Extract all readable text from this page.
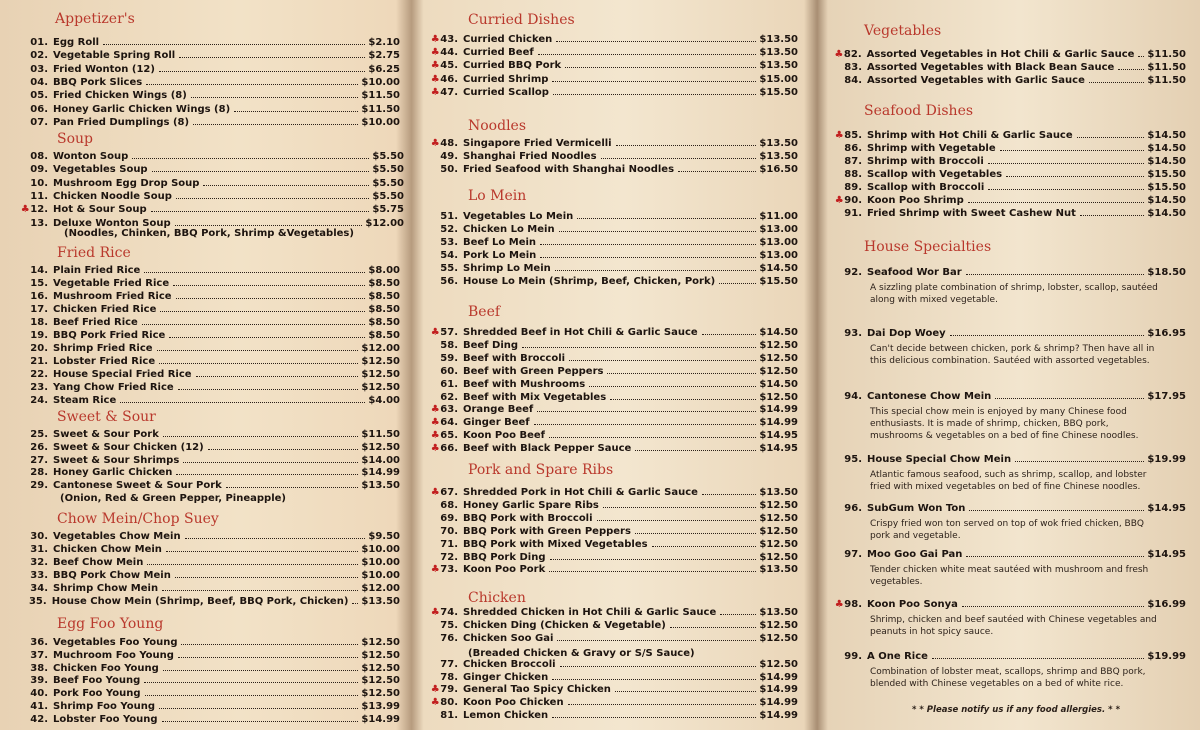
Appetizer's
Soup
(Noodles, Chinken, BBQ Pork, Shrimp &Vegetables)
Fried Rice
Sweet & Sour
(Onion, Red & Green Pepper, Pineapple)
Chow Mein/Chop Suey
Egg Foo Young
01. Egg Roll	$2.10
02. Vegetable Spring Roll	$2.75
03. Fried Wonton (12)	$6.25
04. BBQ Pork Slices	$10.00
05. Fried Chicken Wings (8)	$11.50
06. Honey Garlic Chicken Wings (8)	$11.50
07. Pan Fried Dumplings (8)	$10.00
08. Wonton Soup	$5.50
09. Vegetables Soup	$5.50
10. Mushroom Egg Drop Soup	$5.50
11. Chicken Noodle Soup	$5.50
♣12. Hot & Sour Soup	$5.75
13. Deluxe Wonton Soup	$12.00
14. Plain Fried Rice	$8.00
15. Vegetable Fried Rice	$8.50
16. Mushroom Fried Rice	$8.50
17. Chicken Fried Rice	$8.50
18. Beef Fried Rice	$8.50
19. BBQ Pork Fried Rice	$8.50
20. Shrimp Fried Rice	$12.00
21. Lobster Fried Rice	$12.50
22. House Special Fried Rice	$12.50
23. Yang Chow Fried Rice	$12.50
24. Steam Rice	$4.00
25. Sweet & Sour Pork	$11.50
26. Sweet & Sour Chicken (12)	$12.50
27. Sweet & Sour Shrimps	$14.00
28. Honey Garlic Chicken	$14.99
29. Cantonese Sweet & Sour Pork	$13.50
30. Vegetables Chow Mein	$9.50
31. Chicken Chow Mein	$10.00
32. Beef Chow Mein	$10.00
33. BBQ Pork Chow Mein	$10.00
34. Shrimp Chow Mein	$12.00
35. House Chow Mein (Shrimp, Beef, BBQ Pork, Chicken) $13.50
36. Vegetables Foo Young	$12.50
37. Muchroom Foo Young	$12.50
38. Chicken Foo Young	$12.50
39. Beef Foo Young	$12.50
40. Pork Foo Young	$12.50
41. Shrimp Foo Young	$13.99
42. Lobster Foo Young	$14.99
Curried Dishes
Noodles
Lo Mein
Beef
Pork and Spare Ribs
Chicken
(Breaded Chicken & Gravy or S/S Sauce)
♣43. Curried Chicken	$13.50
♣44. Curried Beef	$13.50
♣45. Curried BBQ Pork	$13.50
♣46. Curried Shrimp	$15.00
♣47. Curried Scallop	$15.50
♣48. Singapore Fried Vermicelli	$13.50
49. Shanghai Fried Noodles	$13.50
50. Fried Seafood with Shanghai Noodles	$16.50
51. Vegetables Lo Mein	$11.00
52. Chicken Lo Mein	$13.00
53. Beef Lo Mein	$13.00
54. Pork Lo Mein	$13.00
55. Shrimp Lo Mein	$14.50
56. House Lo Mein (Shrimp, Beef, Chicken, Pork)	$15.50
♣57. Shredded Beef in Hot Chili & Garlic Sauce	$14.50
58. Beef Ding	$12.50
59. Beef with Broccoli	$12.50
60. Beef with Green Peppers	$12.50
61. Beef with Mushrooms	$14.50
62. Beef with Mix Vegetables	$12.50
♣63. Orange Beef	$14.99
♣64. Ginger Beef	$14.99
♣65. Koon Poo Beef	$14.95
♣66. Beef with Black Pepper Sauce	$14.95
♣67. Shredded Pork in Hot Chili & Garlic Sauce	$13.50
68. Honey Garlic Spare Ribs	$12.50
69. BBQ Pork with Broccoli	$12.50
70. BBQ Pork with Green Peppers	$12.50
71. BBQ Pork with Mixed Vegetables	$12.50
72. BBQ Pork Ding	$12.50
♣73. Koon Poo Pork	$13.50
♣74. Shredded Chicken in Hot Chili & Garlic Sauce	$13.50
75. Chicken Ding (Chicken & Vegetable)	$12.50
76. Chicken Soo Gai	$12.50
77. Chicken Broccoli	$12.50
78. Ginger Chicken	$14.99
♣79. General Tao Spicy Chicken	$14.99
♣80. Koon Poo Chicken	$14.99
81. Lemon Chicken	$14.99
Vegetables
Seafood Dishes
House Specialties
* * Please notify us if any food allergies. * *
♣82. Assorted Vegetables in Hot Chili & Garlic Sauce $11.50
83. Assorted Vegetables with Black Bean Sauce	$11.50
84. Assorted Vegetables with Garlic Sauce	$11.50
♣85. Shrimp with Hot Chili & Garlic Sauce	$14.50
86. Shrimp with Vegetable	$14.50
87. Shrimp with Broccoli	$14.50
88. Scallop with Vegetables	$15.50
89. Scallop with Broccoli	$15.50
♣90. Koon Poo Shrimp	$14.50
91. Fried Shrimp with Sweet Cashew Nut	$14.50
92. Seafood Wor Bar	$18.50
A sizzling plate combination of shrimp, lobster, scallop, sautéed along with mixed vegetable.
93. Dai Dop Woey	$16.95
Can't decide between chicken, pork & shrimp? Then have all in this delicious combination. Sautéed with assorted vegetables.
94. Cantonese Chow Mein	$17.95
This special chow mein is enjoyed by many Chinese food enthusiasts. It is made of shrimp, chicken, BBQ pork, mushrooms & vegetables on a bed of fine Chinese noodles.
95. House Special Chow Mein	$19.99
Atlantic famous seafood, such as shrimp, scallop, and lobster fried with mixed vegetables on bed of fine Chinese noodles.
96. SubGum Won Ton	$14.95
Crispy fried won ton served on top of wok fried chicken, BBQ pork and vegetable.
97. Moo Goo Gai Pan	$14.95
Tender chicken white meat sautéed with mushroom and fresh vegetables.
♣98. Koon Poo Sonya	$16.99
Shrimp, chicken and beef sautéed with Chinese vegetables and peanuts in hot spicy sauce.
99. A One Rice	$19.99
Combination of lobster meat, scallops, shrimp and BBQ pork, blended with Chinese vegetables on a bed of white rice.
